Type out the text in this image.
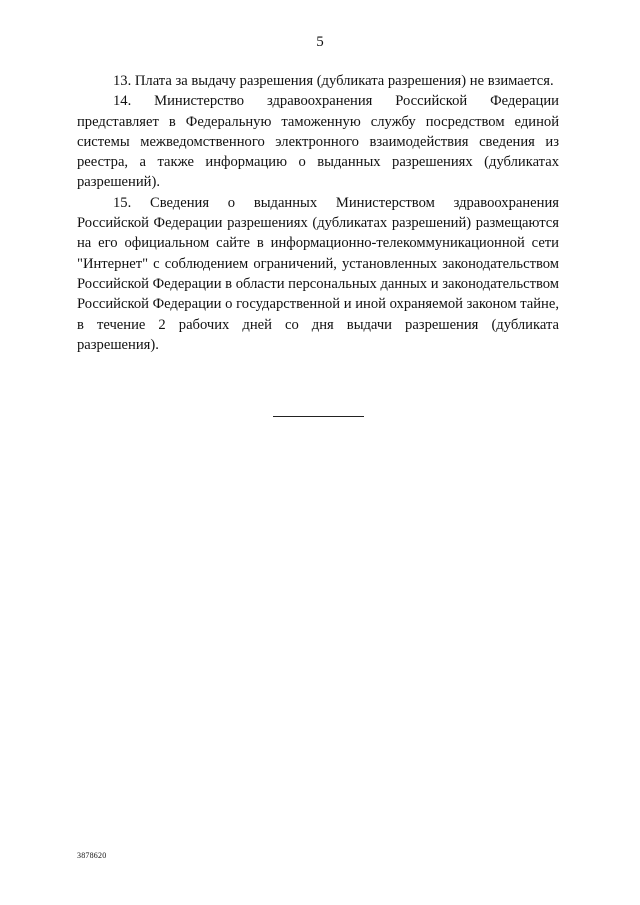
5

13. Плата за выдачу разрешения (дубликата разрешения) не взимается.

14. Министерство здравоохранения Российской Федерации представляет в Федеральную таможенную службу посредством единой системы межведомственного электронного взаимодействия сведения из реестра, а также информацию о выданных разрешениях (дубликатах разрешений).

15. Сведения о выданных Министерством здравоохранения Российской Федерации разрешениях (дубликатах разрешений) размещаются на его официальном сайте в информационно-телекоммуникационной сети "Интернет" с соблюдением ограничений, установленных законодательством Российской Федерации в области персональных данных и законодательством Российской Федерации о государственной и иной охраняемой законом тайне, в течение 2 рабочих дней со дня выдачи разрешения (дубликата разрешения).

3878620
